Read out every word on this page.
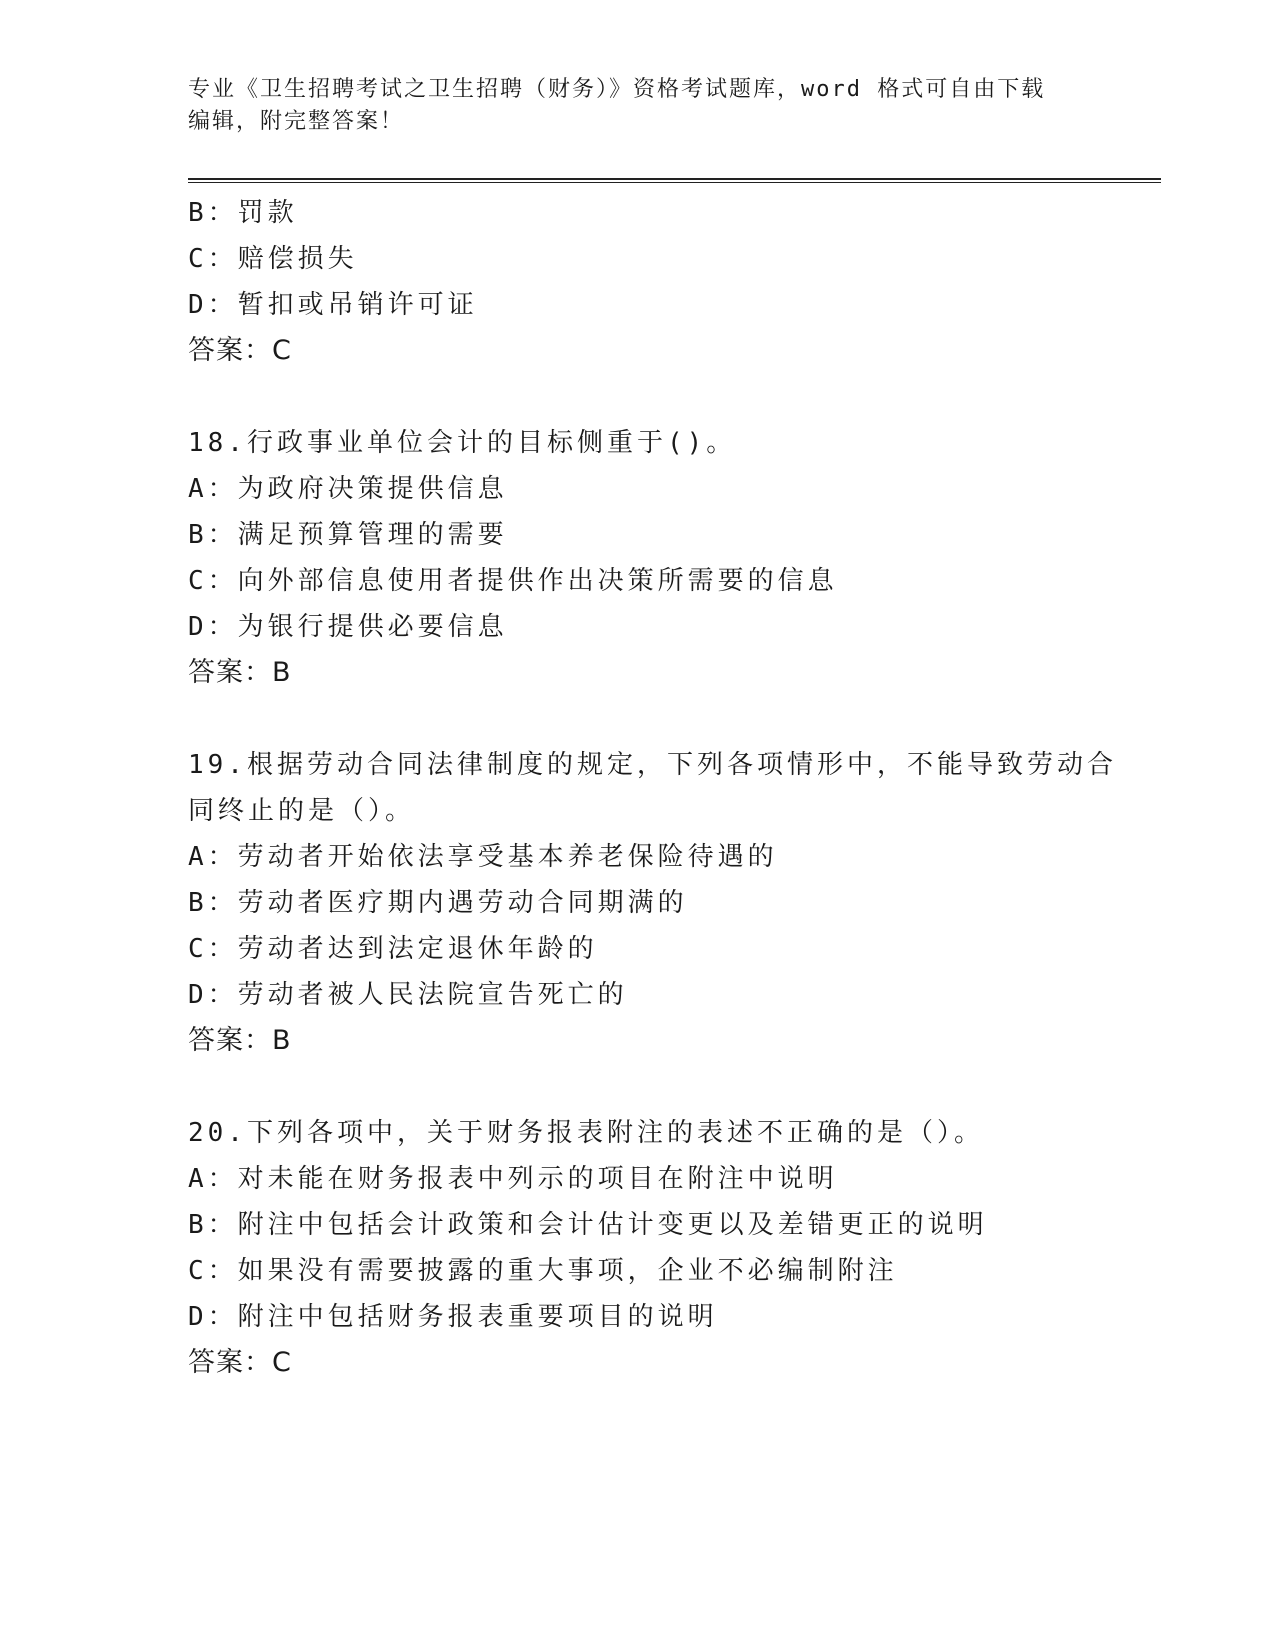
专业《卫生招聘考试之卫生招聘（财务）》资格考试题库，word 格式可自由下载
编辑，附完整答案！
B：罚款
C：赔偿损失
D：暂扣或吊销许可证
答案：C
18.行政事业单位会计的目标侧重于()。
A：为政府决策提供信息
B：满足预算管理的需要
C：向外部信息使用者提供作出决策所需要的信息
D：为银行提供必要信息
答案：B
19.根据劳动合同法律制度的规定，下列各项情形中，不能导致劳动合
同终止的是（）。
A：劳动者开始依法享受基本养老保险待遇的
B：劳动者医疗期内遇劳动合同期满的
C：劳动者达到法定退休年龄的
D：劳动者被人民法院宣告死亡的
答案：B
20.下列各项中，关于财务报表附注的表述不正确的是（）。
A：对未能在财务报表中列示的项目在附注中说明
B：附注中包括会计政策和会计估计变更以及差错更正的说明
C：如果没有需要披露的重大事项，企业不必编制附注
D：附注中包括财务报表重要项目的说明
答案：C
